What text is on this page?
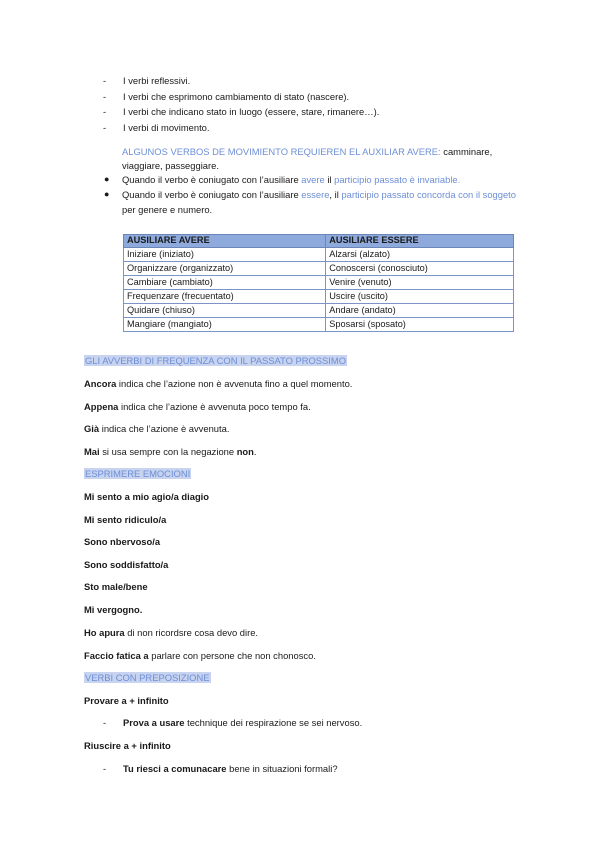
-	I verbi reflessivi.
-	I verbi che esprimono cambiamento di stato (nascere).
-	I verbi che indicano stato in luogo (essere, stare, rimanere…).
-	I verbi di movimento.
ALGUNOS VERBOS DE MOVIMIENTO REQUIEREN EL AUXILIAR AVERE: camminare, viaggiare, passeggiare.
●	Quando il verbo è coniugato con l’ausiliare avere il participio passato è invariable.
●	Quando il verbo è coniugato con l’ausiliare essere, il participio passato concorda con il soggeto per genere e numero.
AUSILIARE AVERE	AUSILIARE ESSERE
Iniziare (iniziato)	Alzarsi (alzato)
Organizzare (organizzato)	Conoscersi (conosciuto)
Cambiare (cambiato)	Venire (venuto)
Frequenzare (frecuentato)	Uscire (uscito)
Quidare (chiuso)	Andare (andato)
Mangiare (mangiato)	Sposarsi (sposato)
GLI AVVERBI DI FREQUENZA CON IL PASSATO PROSSIMO
Ancora indica che l’azione non è avvenuta fino a quel momento.
Appena indica che l’azione è avvenuta poco tempo fa.
Già indica che l’azione è avvenuta.
Mai si usa sempre con la negazione non.
ESPRIMERE EMOCIONI
Mi sento a mio agio/a diagio
Mi sento ridiculo/a
Sono nbervoso/a
Sono soddisfatto/a
Sto male/bene
Mi vergogno.
Ho apura di non ricordsre cosa devo dire.
Faccio fatica a parlare con persone che non chonosco.
VERBI CON PREPOSIZIONE
Provare a + infinito
-	Prova a usare technique dei respirazione se sei nervoso.
Riuscire a + infinito
-	Tu riesci a comunacare bene in situazioni formali?
